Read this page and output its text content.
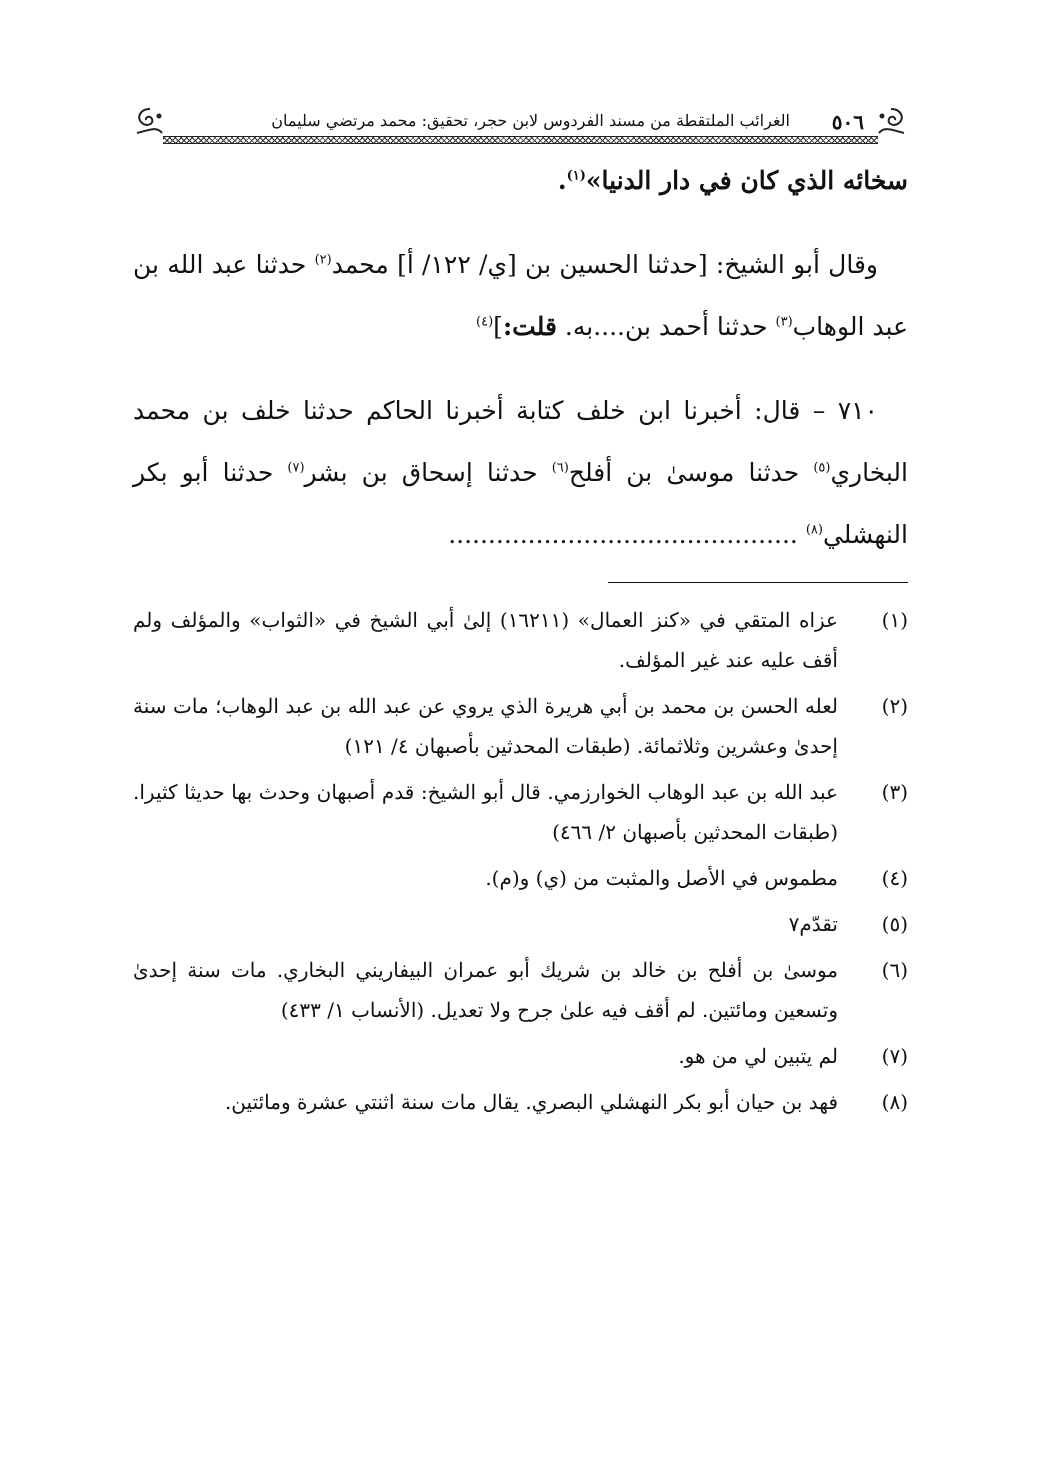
٥٠٦
الغرائب الملتقطة من مسند الفردوس لابن حجر، تحقيق: محمد مرتضي سليمان
سخائه الذي كان في دار الدنيا»$^{(١)}$.
وقال أبو الشيخ: [حدثنا الحسين بن [ي/ ١٢٢/ أ] محمد$^{(٢)}$ حدثنا عبد الله بن عبد الوهاب$^{(٣)}$ حدثنا أحمد بن....به. قلت:]$^{(٤)}$
٧١٠ – قال: أخبرنا ابن خلف كتابة أخبرنا الحاكم حدثنا خلف بن محمد البخاري$^{(٥)}$ حدثنا موسىٰ بن أفلح$^{(٦)}$ حدثنا إسحاق بن بشر$^{(٧)}$ حدثنا أبو بكر النهشلي$^{(٨)}$ ............................................
(١)
عزاه المتقي في «كنز العمال» (١٦٢١١) إلىٰ أبي الشيخ في «الثواب» والمؤلف ولم أقف عليه عند غير المؤلف.
(٢)
لعله الحسن بن محمد بن أبي هريرة الذي يروي عن عبد الله بن عبد الوهاب؛ مات سنة إحدىٰ وعشرين وثلاثمائة. (طبقات المحدثين بأصبهان ٤/ ١٢١)
(٣)
عبد الله بن عبد الوهاب الخوارزمي. قال أبو الشيخ: قدم أصبهان وحدث بها حديثا كثيرا. (طبقات المحدثين بأصبهان ٢/ ٤٦٦)
(٤)
مطموس في الأصل والمثبت من (ي) و(م).
(٥)
تقدّم٧
(٦)
موسىٰ بن أفلح بن خالد بن شريك أبو عمران البيفاريني البخاري. مات سنة إحدىٰ وتسعين ومائتين. لم أقف فيه علىٰ جرح ولا تعديل. (الأنساب ١/ ٤٣٣)
(٧)
لم يتبين لي من هو.
(٨)
فهد بن حيان أبو بكر النهشلي البصري. يقال مات سنة اثنتي عشرة ومائتين.
